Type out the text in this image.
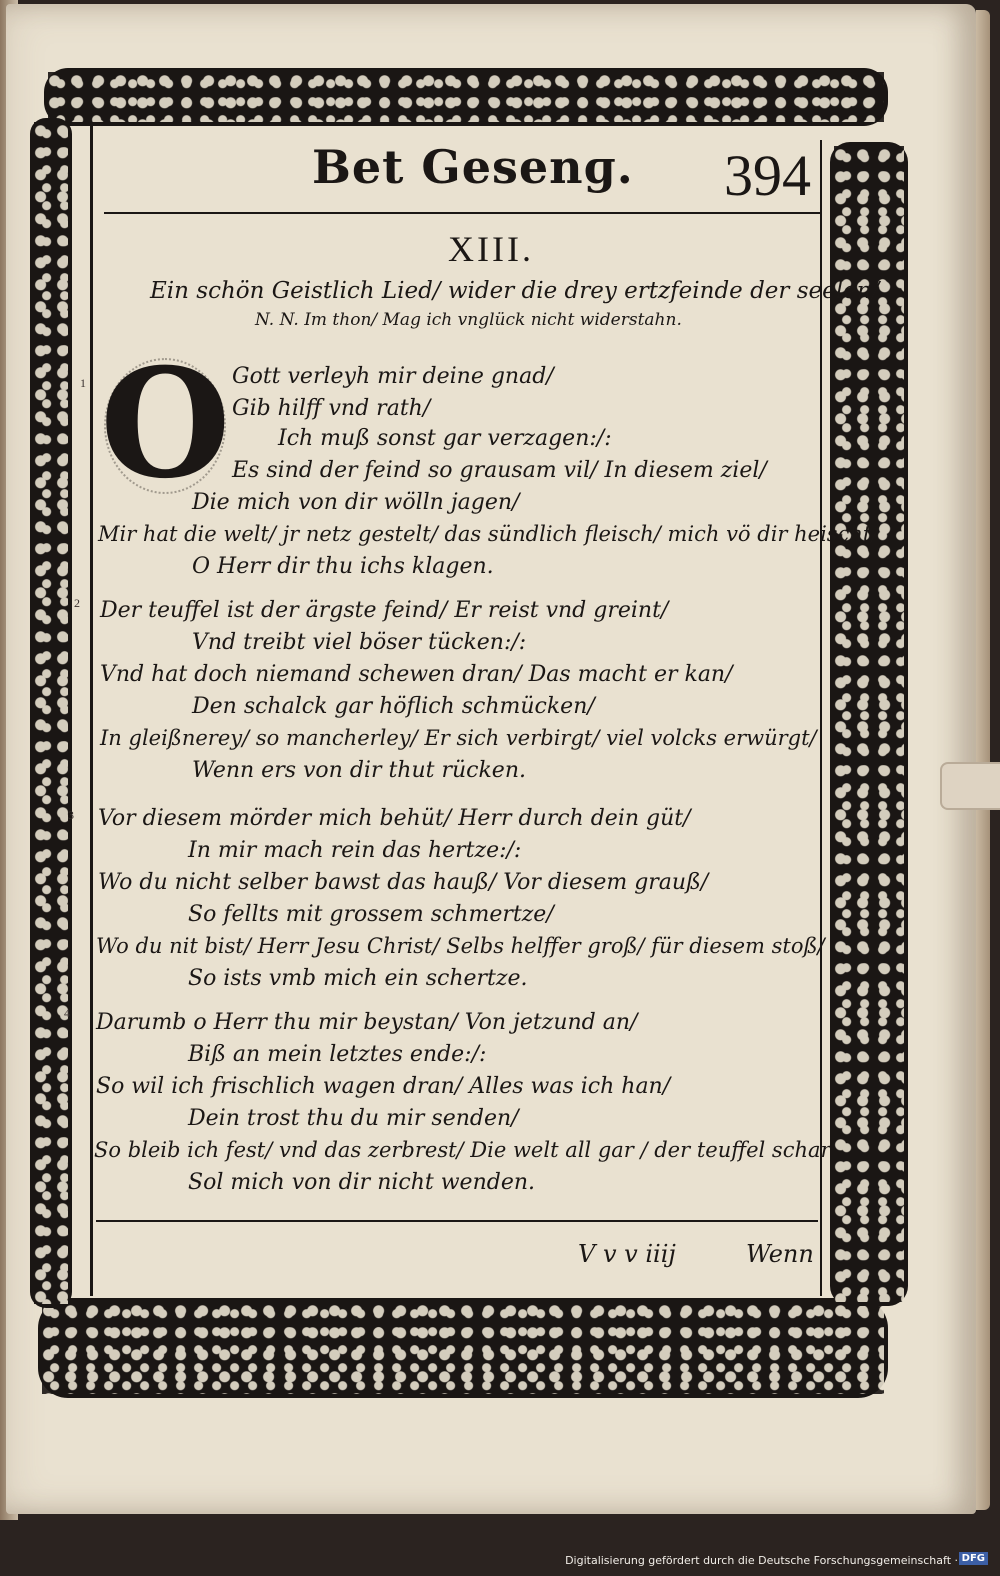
Bet Gesenɡ. 394
XIII.
Ein schön Geistlich Lied/ wider die drey ertzfeinde der seelen/
N. N. Im thon/ Mag ich vnglück nicht widerstahn.
O
1	Gott verleyh mir deine gnad/
Gib hilff vnd rath/
Ich muß sonst gar verzagen:/:
Es sind der feind so grausam vil/ In diesem ziel/
Die mich von dir wölln jagen/
Mir hat die welt/ jr netz gestelt/ das sündlich fleisch/ mich vö dir heischt/
O Herr dir thu ichs klagen.
2 Der teuffel ist der ärgste feind/ Er reist vnd greint/
Vnd treibt viel böser tücken:/:
Vnd hat doch niemand schewen dran/ Das macht er kan/
Den schalck gar höflich schmücken/
In gleißnerey/ so mancherley/ Er sich verbirgt/ viel volcks erwürgt/
Wenn ers von dir thut rücken.
3 Vor diesem mörder mich behüt/ Herr durch dein güt/
In mir mach rein das hertze:/:
Wo du nicht selber bawst das hauß/ Vor diesem grauß/
So fellts mit grossem schmertze/
Wo du nit bist/ Herr Jesu Christ/ Selbs helffer groß/ für diesem stoß/
So ists vmb mich ein schertze.
4 Darumb o Herr thu mir beystan/ Von jetzund an/
Biß an mein letztes ende:/:
So wil ich frischlich wagen dran/ Alles was ich han/
Dein trost thu du mir senden/
So bleib ich fest/ vnd das zerbrest/ Die welt all gar / der teuffel schar
Sol mich von dir nicht wenden.
V v v iiij	Wenn
Digitalisierung gefördert durch die Deutsche Forschungsgemeinschaft · DFG
